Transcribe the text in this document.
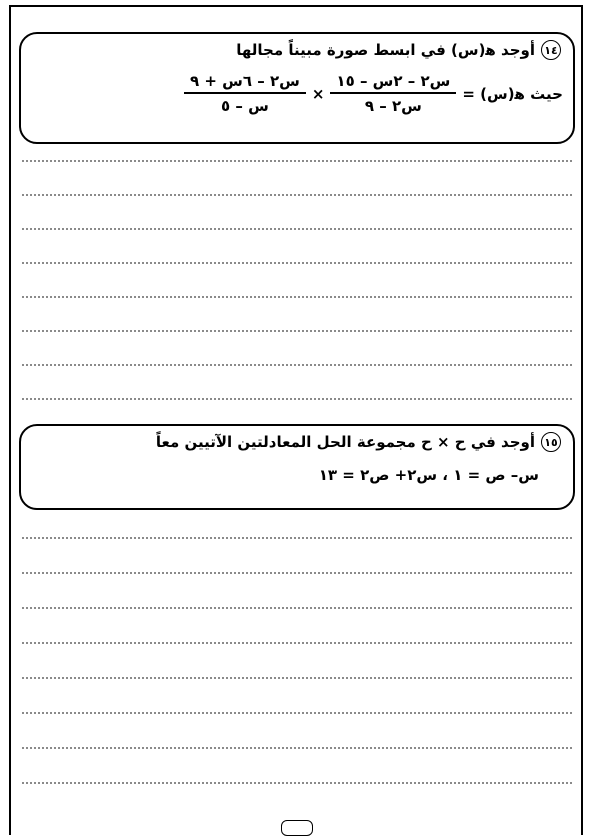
١٤
أوجد ﻫ(س) في ابسط صورة مبيناً مجالها
حيث ﻫ(س) =
$\frac{\text{س٢ – ٢س – ١٥}}{\text{س٢ – ٩}}$
×
$\frac{\text{س٢ – ٦س + ٩}}{\text{س – ٥}}$
١٥
أوجد في ح × ح مجموعة الحل المعادلتين الآتيين معاً
س– ص = ١ ، س٢+ ص٢ = ١٣
